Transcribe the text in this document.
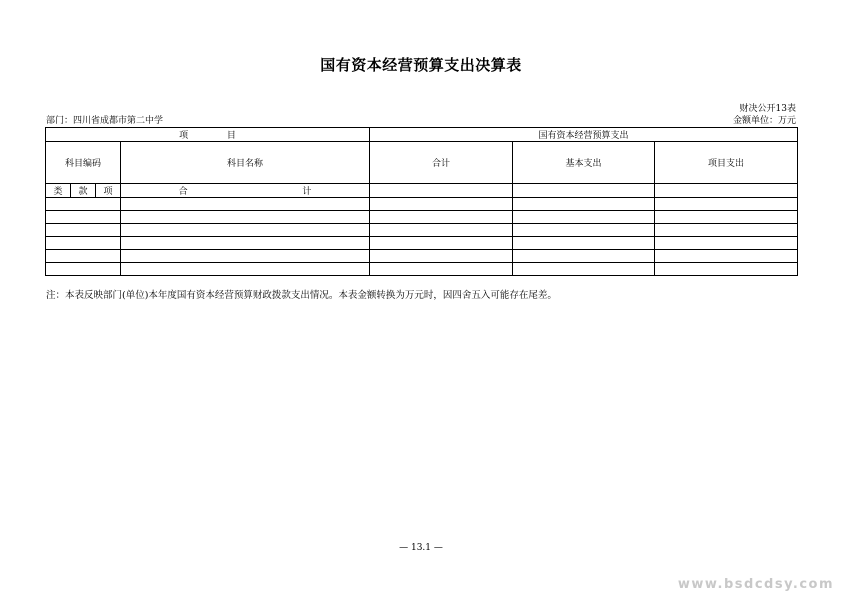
国有资本经营预算支出决算表
财决公开13表
部门：四川省成都市第二中学	金额单位：万元
项 目				国有资本经营预算支出		
科目编码			科目名称	合计	基本支出	项目支出
类	款	项	合 计			

注：本表反映部门(单位)本年度国有资本经营预算财政拨款支出情况。本表金额转换为万元时，因四舍五入可能存在尾差。
— 13.1 —
www.bsdcdsy.com
